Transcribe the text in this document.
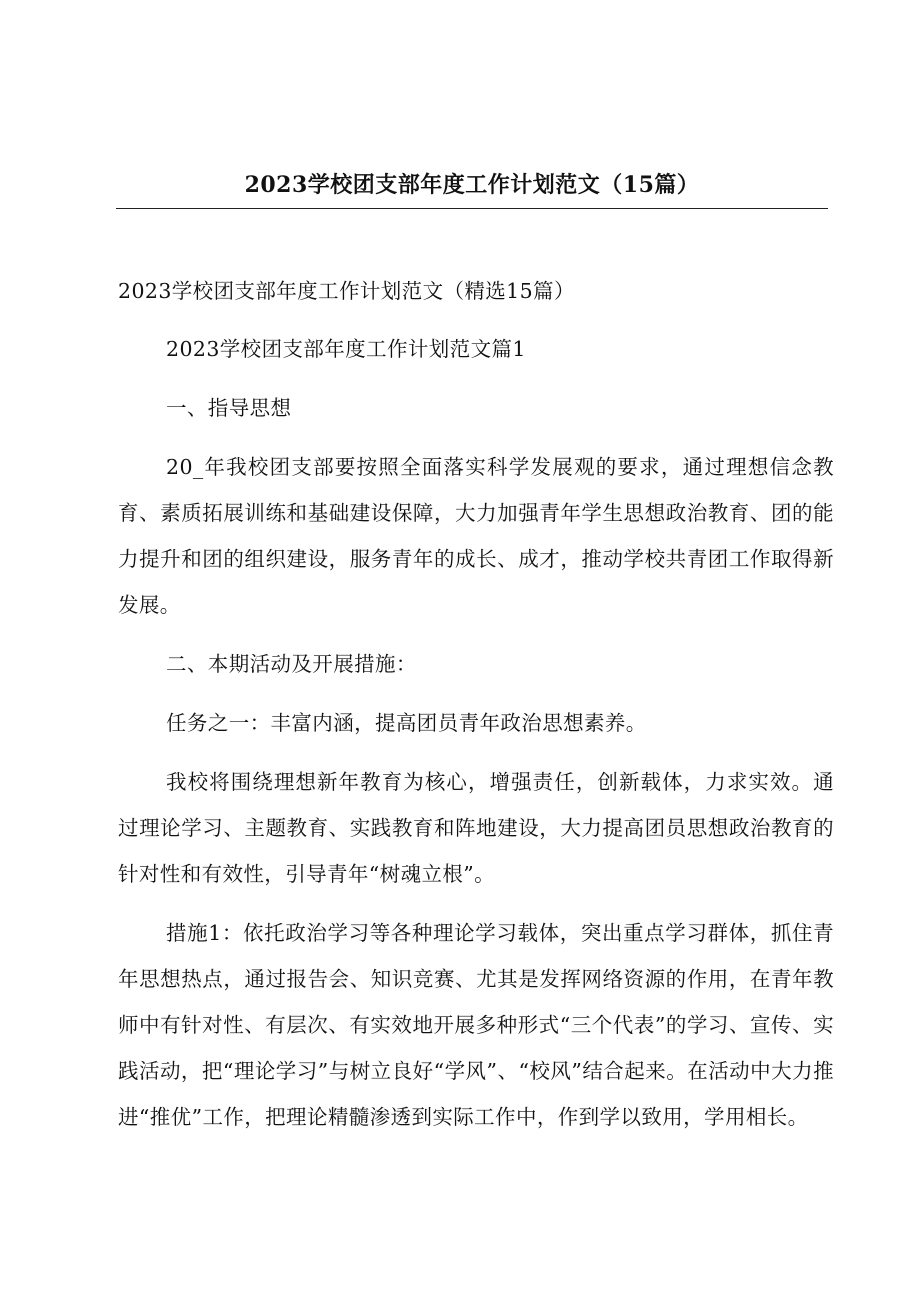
2023学校团支部年度工作计划范文（15篇）

2023学校团支部年度工作计划范文（精选15篇）

2023学校团支部年度工作计划范文篇1

一、指导思想

20_年我校团支部要按照全面落实科学发展观的要求，通过理想信念教育、素质拓展训练和基础建设保障，大力加强青年学生思想政治教育、团的能力提升和团的组织建设，服务青年的成长、成才，推动学校共青团工作取得新发展。

二、本期活动及开展措施：

任务之一：丰富内涵，提高团员青年政治思想素养。

我校将围绕理想新年教育为核心，增强责任，创新载体，力求实效。通过理论学习、主题教育、实践教育和阵地建设，大力提高团员思想政治教育的针对性和有效性，引导青年“树魂立根”。

措施1：依托政治学习等各种理论学习载体，突出重点学习群体，抓住青年思想热点，通过报告会、知识竞赛、尤其是发挥网络资源的作用，在青年教师中有针对性、有层次、有实效地开展多种形式“三个代表”的学习、宣传、实践活动，把“理论学习”与树立良好“学风”、“校风”结合起来。在活动中大力推进“推优”工作，把理论精髓渗透到实际工作中，作到学以致用，学用相长。
